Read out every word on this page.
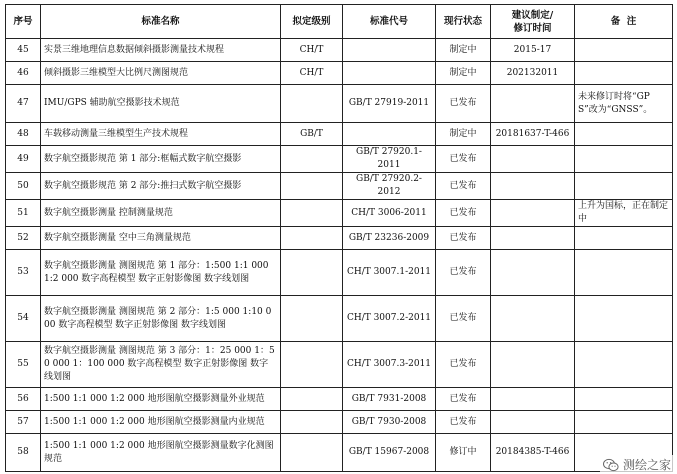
序号	标准名称	拟定级别	标准代号	现行状态	建议制定/
修订时间	备  注
45	实景三维地理信息数据倾斜摄影测量技术规程	CH/T		制定中	2015-17	
46	倾斜摄影三维模型大比例尺测图规范	CH/T		制定中	202132011	
47	IMU/GPS 辅助航空摄影技术规范		GB/T 27919-2011	已发布		未来修订时将“GPS”改为“GNSS”。
48	车载移动测量三维模型生产技术规程	GB/T		制定中	20181637-T-466	
49	数字航空摄影规范 第 1 部分:框幅式数字航空摄影		GB/T 27920.1-2011	已发布		
50	数字航空摄影规范 第 2 部分:推扫式数字航空摄影		GB/T 27920.2-2012	已发布		
51	数字航空摄影测量 控制测量规范		CH/T 3006-2011	已发布		上升为国标，正在制定中
52	数字航空摄影测量 空中三角测量规范		GB/T 23236-2009	已发布		
53	数字航空摄影测量 测图规范 第 1 部分：1:500 1:1 000 1:2 000 数字高程模型 数字正射影像图 数字线划图		CH/T 3007.1-2011	已发布		
54	数字航空摄影测量 测图规范 第 2 部分：1:5 000 1:10 000 数字高程模型 数字正射影像图 数字线划图		CH/T 3007.2-2011	已发布		
55	数字航空摄影测量 测图规范 第 3 部分：1：25 000 1：50 000 1：100 000 数字高程模型 数字正射影像图 数字线划图		CH/T 3007.3-2011	已发布		
56	1:500 1:1 000 1:2 000 地形图航空摄影测量外业规范		GB/T 7931-2008	已发布		
57	1:500 1:1 000 1:2 000 地形图航空摄影测量内业规范		GB/T 7930-2008	已发布		
58	1:500 1:1 000 1:2 000 地形图航空摄影测量数字化测图规范		GB/T 15967-2008	修订中	20184385-T-466	
测绘之家
